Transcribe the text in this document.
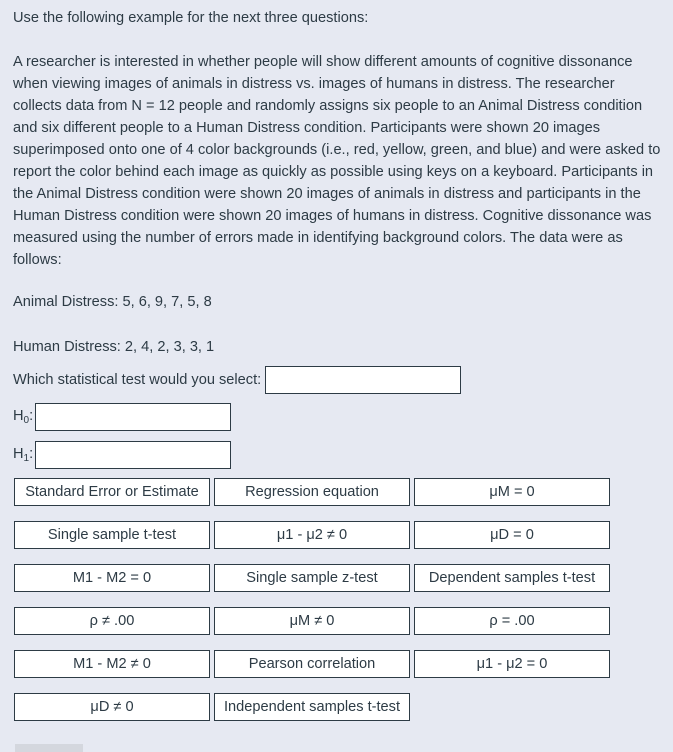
Use the following example for the next three questions:

A researcher is interested in whether people will show different amounts of cognitive dissonance when viewing images of animals in distress vs. images of humans in distress. The researcher collects data from N = 12 people and randomly assigns six people to an Animal Distress condition and six different people to a Human Distress condition. Participants were shown 20 images superimposed onto one of 4 color backgrounds (i.e., red, yellow, green, and blue) and were asked to report the color behind each image as quickly as possible using keys on a keyboard. Participants in the Animal Distress condition were shown 20 images of animals in distress and participants in the Human Distress condition were shown 20 images of humans in distress. Cognitive dissonance was measured using the number of errors made in identifying background colors. The data were as follows:

Animal Distress: 5, 6, 9, 7, 5, 8

Human Distress: 2, 4, 2, 3, 3, 1

Which statistical test would you select:
$H_0$:
$H_1$:
Standard Error or Estimate	Regression equation	μM = 0
Single sample t-test	μ1 - μ2 ≠ 0	μD = 0
M1 - M2 = 0	Single sample z-test	Dependent samples t-test
ρ ≠ .00	μM ≠ 0	ρ = .00
M1 - M2 ≠ 0	Pearson correlation	μ1 - μ2 = 0
μD ≠ 0	Independent samples t-test
